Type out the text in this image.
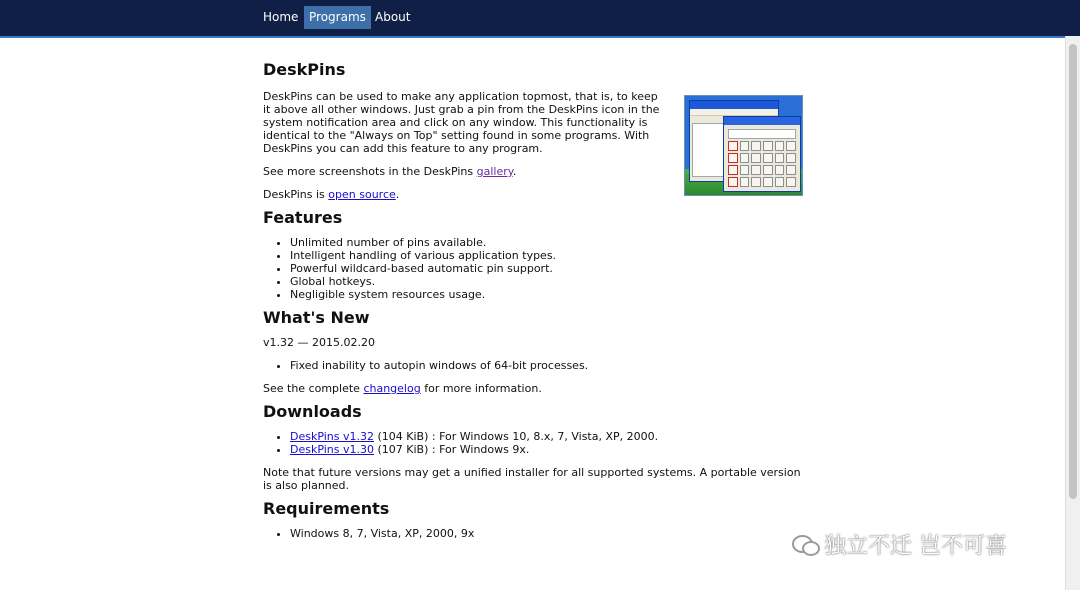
Home Programs About
DeskPins

DeskPins can be used to make any application topmost, that is, to keep it above all other windows. Just grab a pin from the DeskPins icon in the system notification area and click on any window. This functionality is identical to the "Always on Top" setting found in some programs. With DeskPins you can add this feature to any program.

See more screenshots in the DeskPins gallery.

DeskPins is open source.

Features
• Unlimited number of pins available.
• Intelligent handling of various application types.
• Powerful wildcard-based automatic pin support.
• Global hotkeys.
• Negligible system resources usage.
What's New

v1.32 — 2015.02.20

• Fixed inability to autopin windows of 64-bit processes.

See the complete changelog for more information.

Downloads
• DeskPins v1.32 (104 KiB) : For Windows 10, 8.x, 7, Vista, XP, 2000.
• DeskPins v1.30 (107 KiB) : For Windows 9x.

Note that future versions may get a unified installer for all supported systems. A portable version is also planned.

Requirements
• Windows 8, 7, Vista, XP, 2000, 9x	独立不迁 岂不可喜
